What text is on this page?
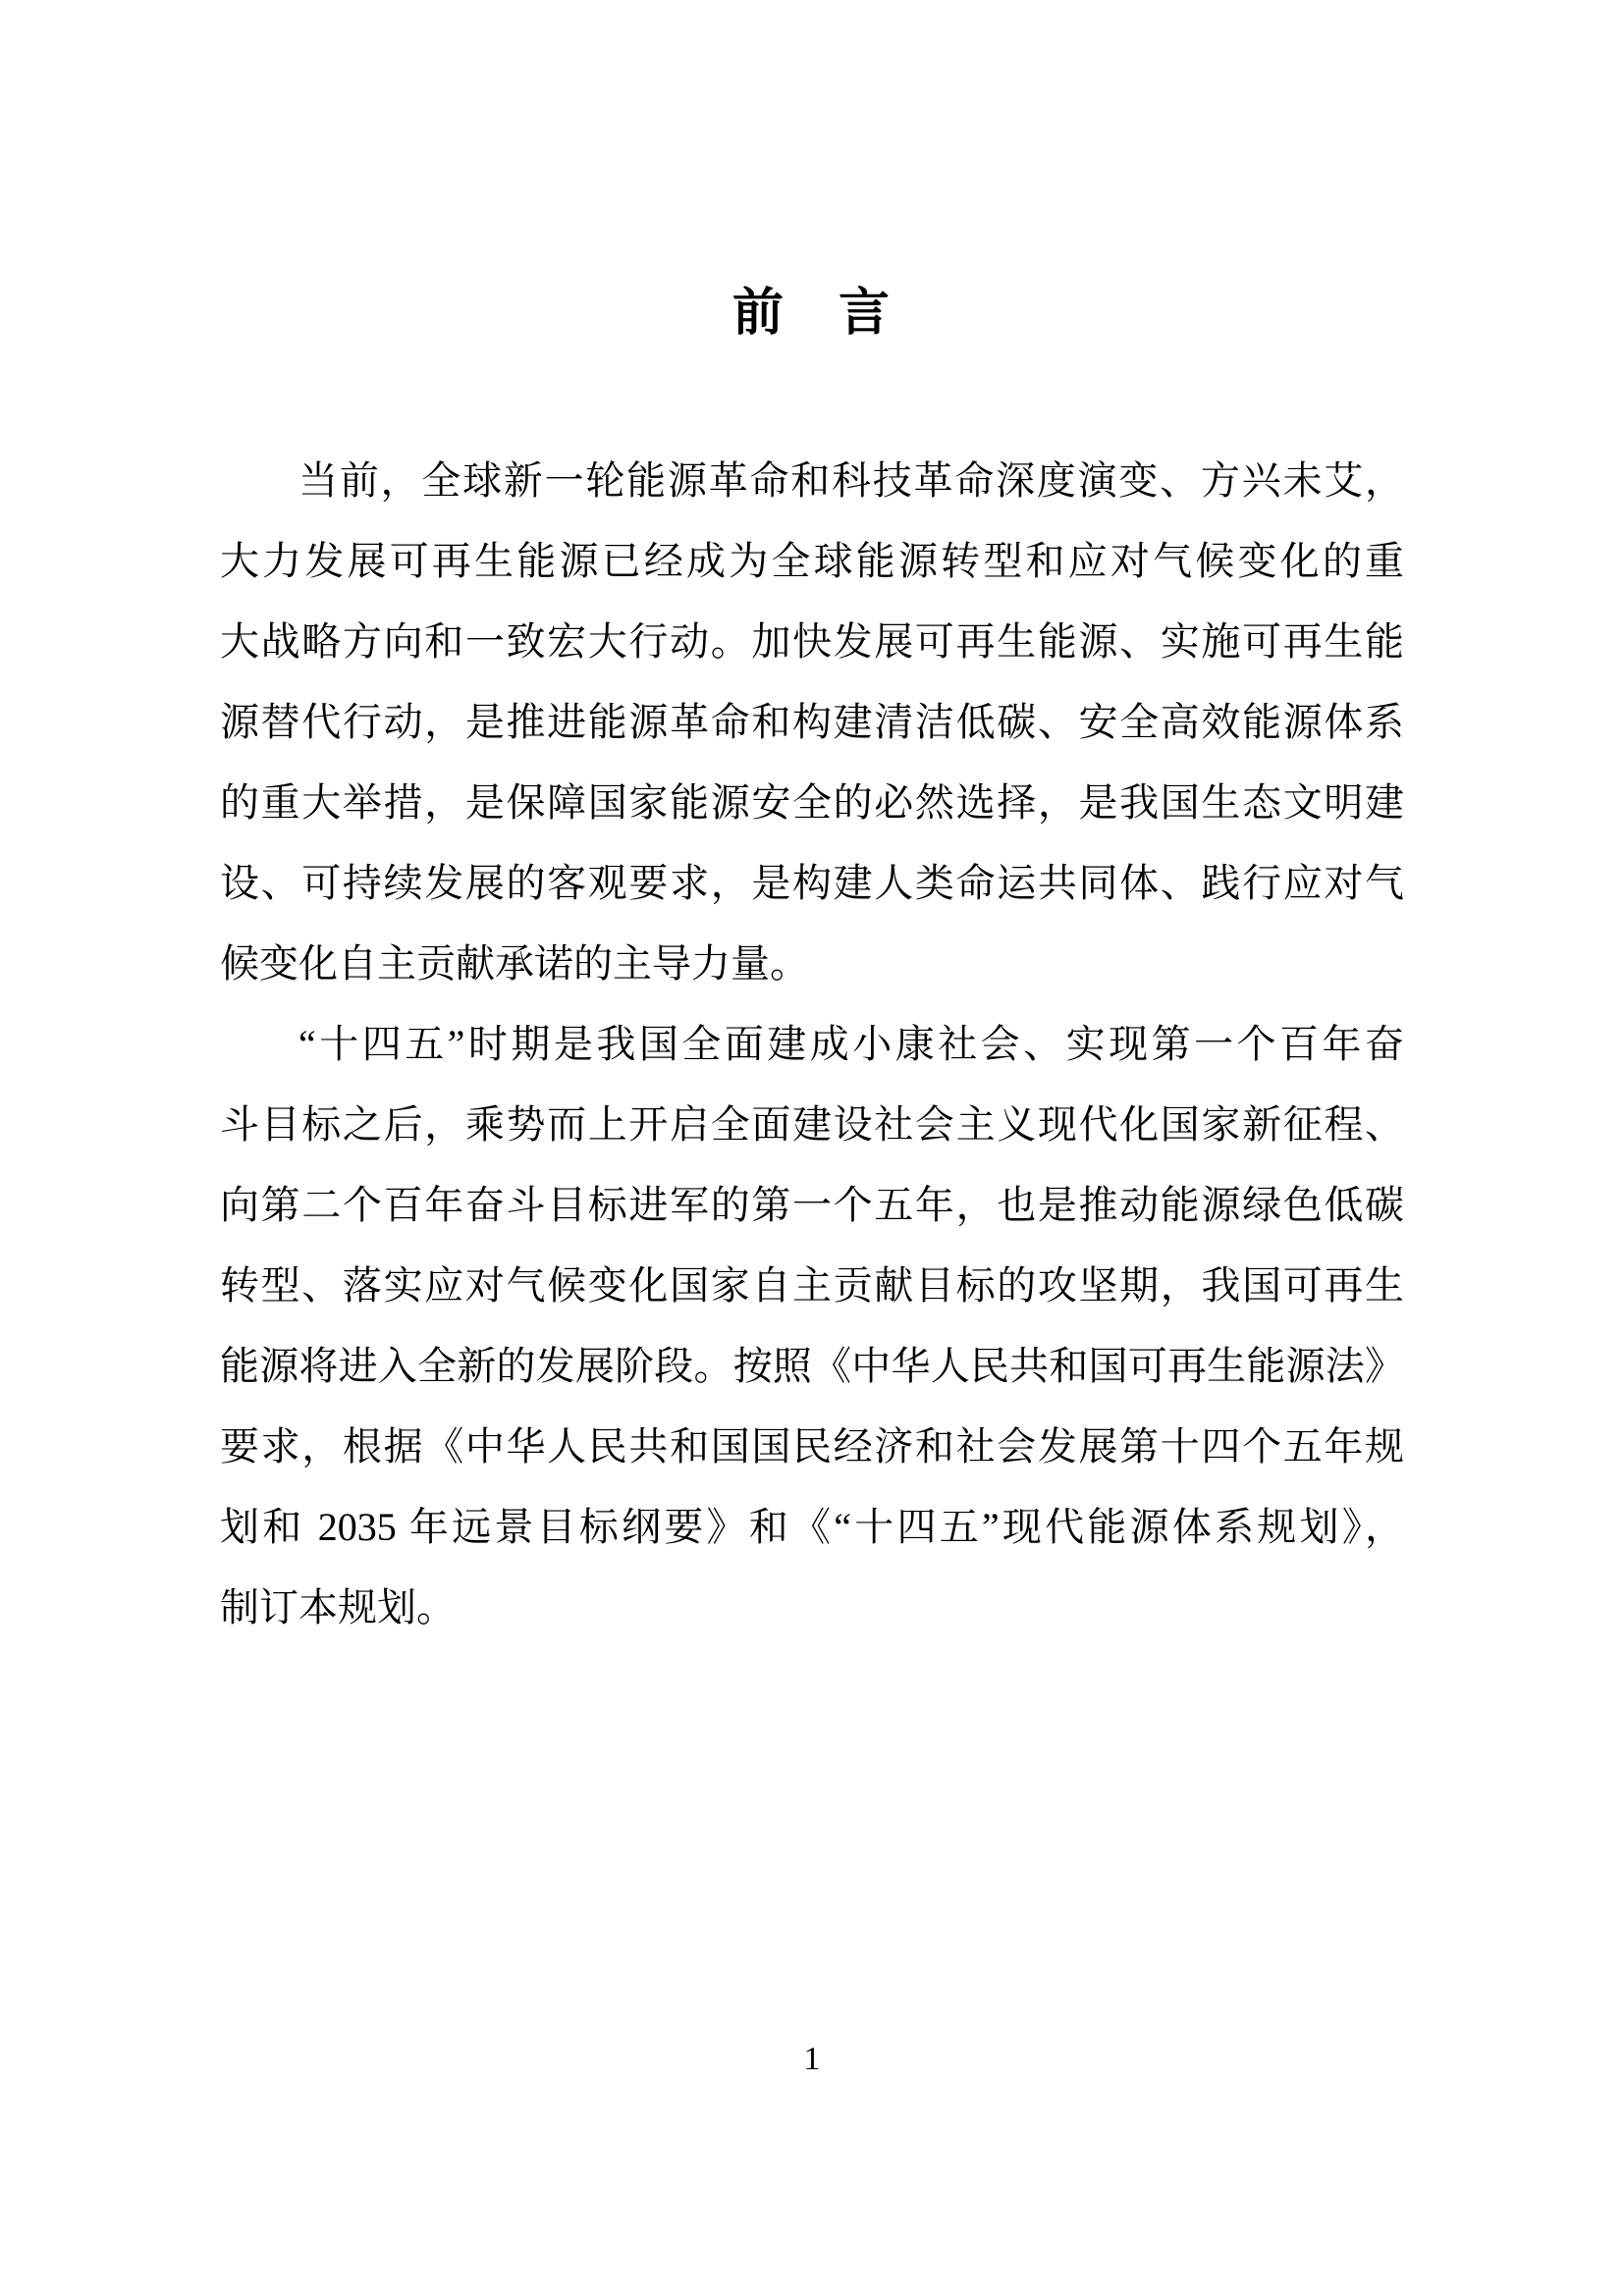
前　言
当前，全球新一轮能源革命和科技革命深度演变、方兴未艾，
大力发展可再生能源已经成为全球能源转型和应对气候变化的重
大战略方向和一致宏大行动。加快发展可再生能源、实施可再生能
源替代行动，是推进能源革命和构建清洁低碳、安全高效能源体系
的重大举措，是保障国家能源安全的必然选择，是我国生态文明建
设、可持续发展的客观要求，是构建人类命运共同体、践行应对气
候变化自主贡献承诺的主导力量。
“十四五”时期是我国全面建成小康社会、实现第一个百年奋
斗目标之后，乘势而上开启全面建设社会主义现代化国家新征程、
向第二个百年奋斗目标进军的第一个五年，也是推动能源绿色低碳
转型、落实应对气候变化国家自主贡献目标的攻坚期，我国可再生
能源将进入全新的发展阶段。按照《中华人民共和国可再生能源法》
要求，根据《中华人民共和国国民经济和社会发展第十四个五年规
划和 2035 年远景目标纲要》和《“十四五”现代能源体系规划》，
制订本规划。
1
